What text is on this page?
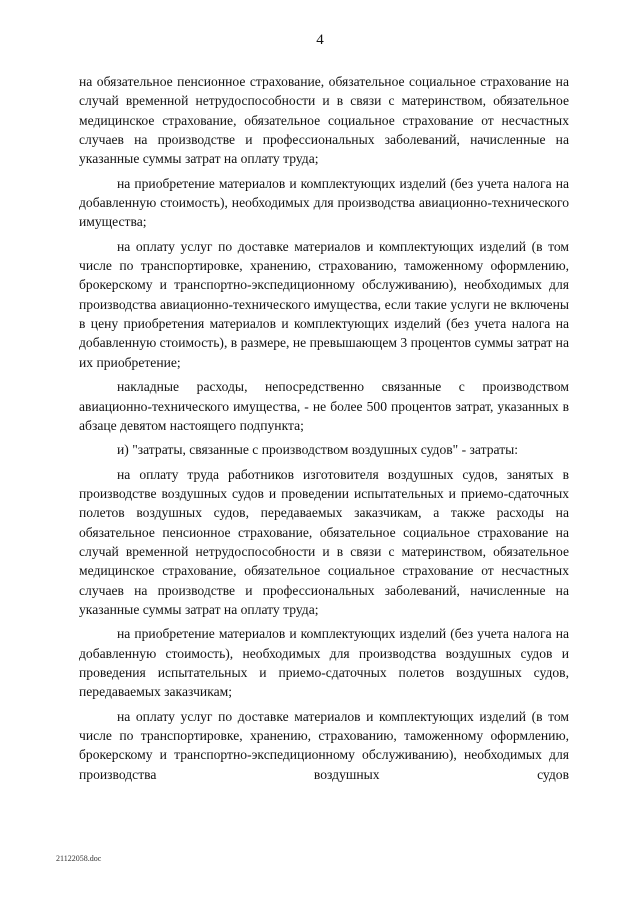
4

на обязательное пенсионное страхование, обязательное социальное страхование на случай временной нетрудоспособности и в связи с материнством, обязательное медицинское страхование, обязательное социальное страхование от несчастных случаев на производстве и профессиональных заболеваний, начисленные на указанные суммы затрат на оплату труда;

на приобретение материалов и комплектующих изделий (без учета налога на добавленную стоимость), необходимых для производства авиационно-технического имущества;

на оплату услуг по доставке материалов и комплектующих изделий (в том числе по транспортировке, хранению, страхованию, таможенному оформлению, брокерскому и транспортно-экспедиционному обслуживанию), необходимых для производства авиационно-технического имущества, если такие услуги не включены в цену приобретения материалов и комплектующих изделий (без учета налога на добавленную стоимость), в размере, не превышающем 3 процентов суммы затрат на их приобретение;

накладные расходы, непосредственно связанные с производством авиационно-технического имущества, - не более 500 процентов затрат, указанных в абзаце девятом настоящего подпункта;

и) "затраты, связанные с производством воздушных судов" - затраты:

на оплату труда работников изготовителя воздушных судов, занятых в производстве воздушных судов и проведении испытательных и приемо-сдаточных полетов воздушных судов, передаваемых заказчикам, а также расходы на обязательное пенсионное страхование, обязательное социальное страхование на случай временной нетрудоспособности и в связи с материнством, обязательное медицинское страхование, обязательное социальное страхование от несчастных случаев на производстве и профессиональных заболеваний, начисленные на указанные суммы затрат на оплату труда;

на приобретение материалов и комплектующих изделий (без учета налога на добавленную стоимость), необходимых для производства воздушных судов и проведения испытательных и приемо-сдаточных полетов воздушных судов, передаваемых заказчикам;

на оплату услуг по доставке материалов и комплектующих изделий (в том числе по транспортировке, хранению, страхованию, таможенному оформлению, брокерскому и транспортно-экспедиционному обслуживанию), необходимых для производства воздушных судов

21122058.doc
